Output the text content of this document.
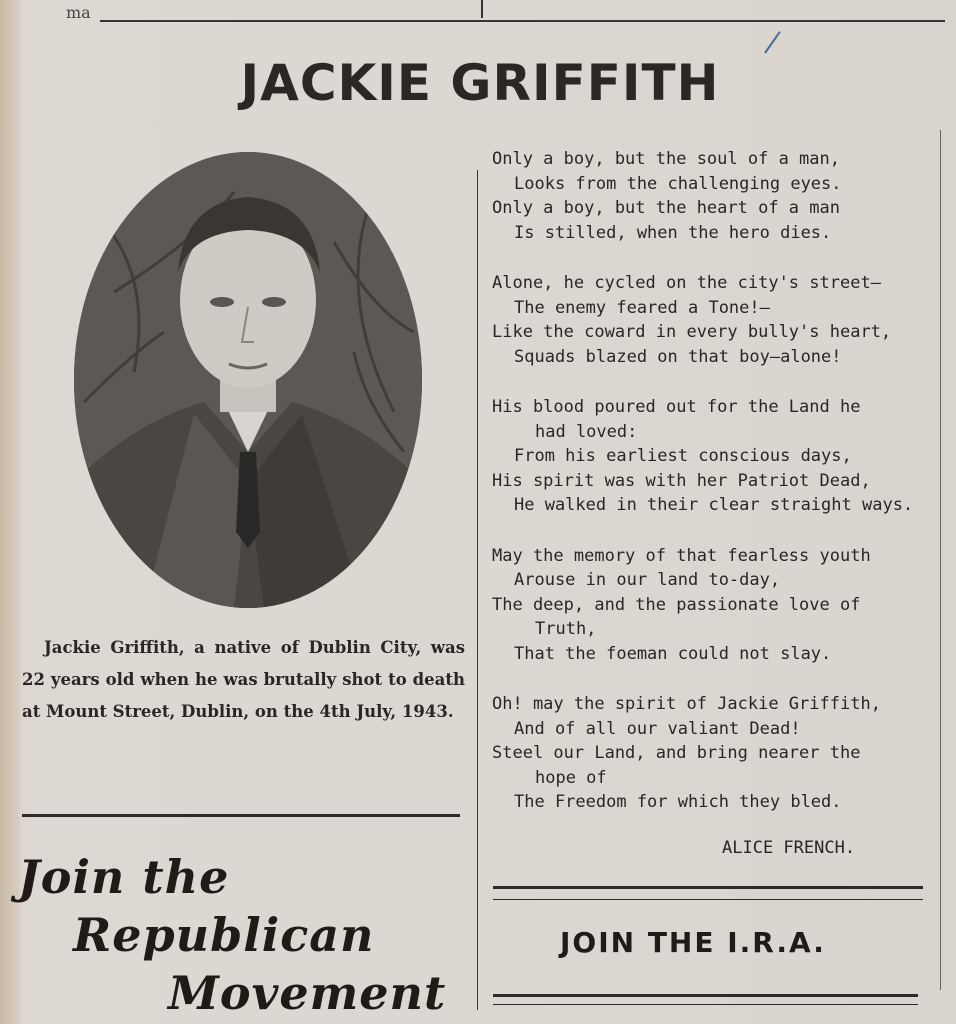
ma
JACKIE GRIFFITH
Jackie Griffith, a native of Dublin City, was 22 years old when he was brutally shot to death at Mount Street, Dublin, on the 4th July, 1943.
Join the
Republican
Movement
Only a boy, but the soul of a man,
Looks from the challenging eyes.
Only a boy, but the heart of a man
Is stilled, when the hero dies.
Alone, he cycled on the city's street—
The enemy feared a Tone!—
Like the coward in every bully's heart,
Squads blazed on that boy—alone!
His blood poured out for the Land he
had loved:
From his earliest conscious days,
His spirit was with her Patriot Dead,
He walked in their clear straight ways.
May the memory of that fearless youth
Arouse in our land to-day,
The deep, and the passionate love of
Truth,
That the foeman could not slay.
Oh! may the spirit of Jackie Griffith,
And of all our valiant Dead!
Steel our Land, and bring nearer the
hope of
The Freedom for which they bled.
ALICE FRENCH.
JOIN THE I.R.A.
